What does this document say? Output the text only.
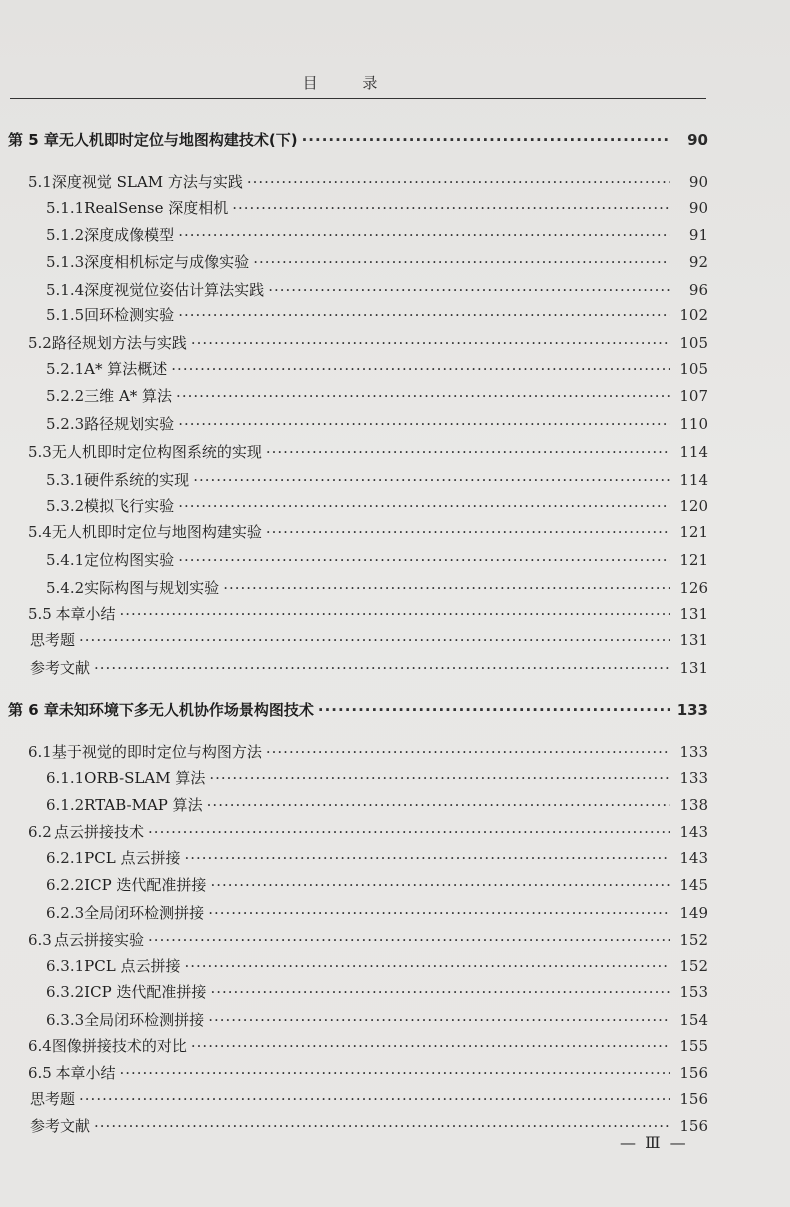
目 录
第 5 章 无人机即时定位与地图构建技术(下) ·····	90
5.1 深度视觉 SLAM 方法与实践 ·····	90
5.1.1 RealSense 深度相机 ·····	90
5.1.2 深度成像模型 ·····	91
5.1.3 深度相机标定与成像实验 ·····	92
5.1.4 深度视觉位姿估计算法实践 ·····	96
5.1.5 回环检测实验 ·····	102
5.2 路径规划方法与实践 ·····	105
5.2.1 A* 算法概述 ·····	105
5.2.2 三维 A* 算法 ·····	107
5.2.3 路径规划实验 ·····	110
5.3 无人机即时定位构图系统的实现 ·····	114
5.3.1 硬件系统的实现 ·····	114
5.3.2 模拟飞行实验 ·····	120
5.4 无人机即时定位与地图构建实验 ·····	121
5.4.1 定位构图实验 ·····	121
5.4.2 实际构图与规划实验 ·····	126
5.5 本章小结 ·····	131
思考题 ·····	131
参考文献 ·····	131
第 6 章 未知环境下多无人机协作场景构图技术 ·····	133
6.1 基于视觉的即时定位与构图方法 ·····	133
6.1.1 ORB-SLAM 算法 ·····	133
6.1.2 RTAB-MAP 算法 ·····	138
6.2 点云拼接技术 ·····	143
6.2.1 PCL 点云拼接 ·····	143
6.2.2 ICP 迭代配准拼接 ·····	145
6.2.3 全局闭环检测拼接 ·····	149
6.3 点云拼接实验 ·····	152
6.3.1 PCL 点云拼接 ·····	152
6.3.2 ICP 迭代配准拼接 ·····	153
6.3.3 全局闭环检测拼接 ·····	154
6.4 图像拼接技术的对比 ·····	155
6.5 本章小结 ·····	156
思考题 ·····	156
参考文献 ·····	156
— Ⅲ —
